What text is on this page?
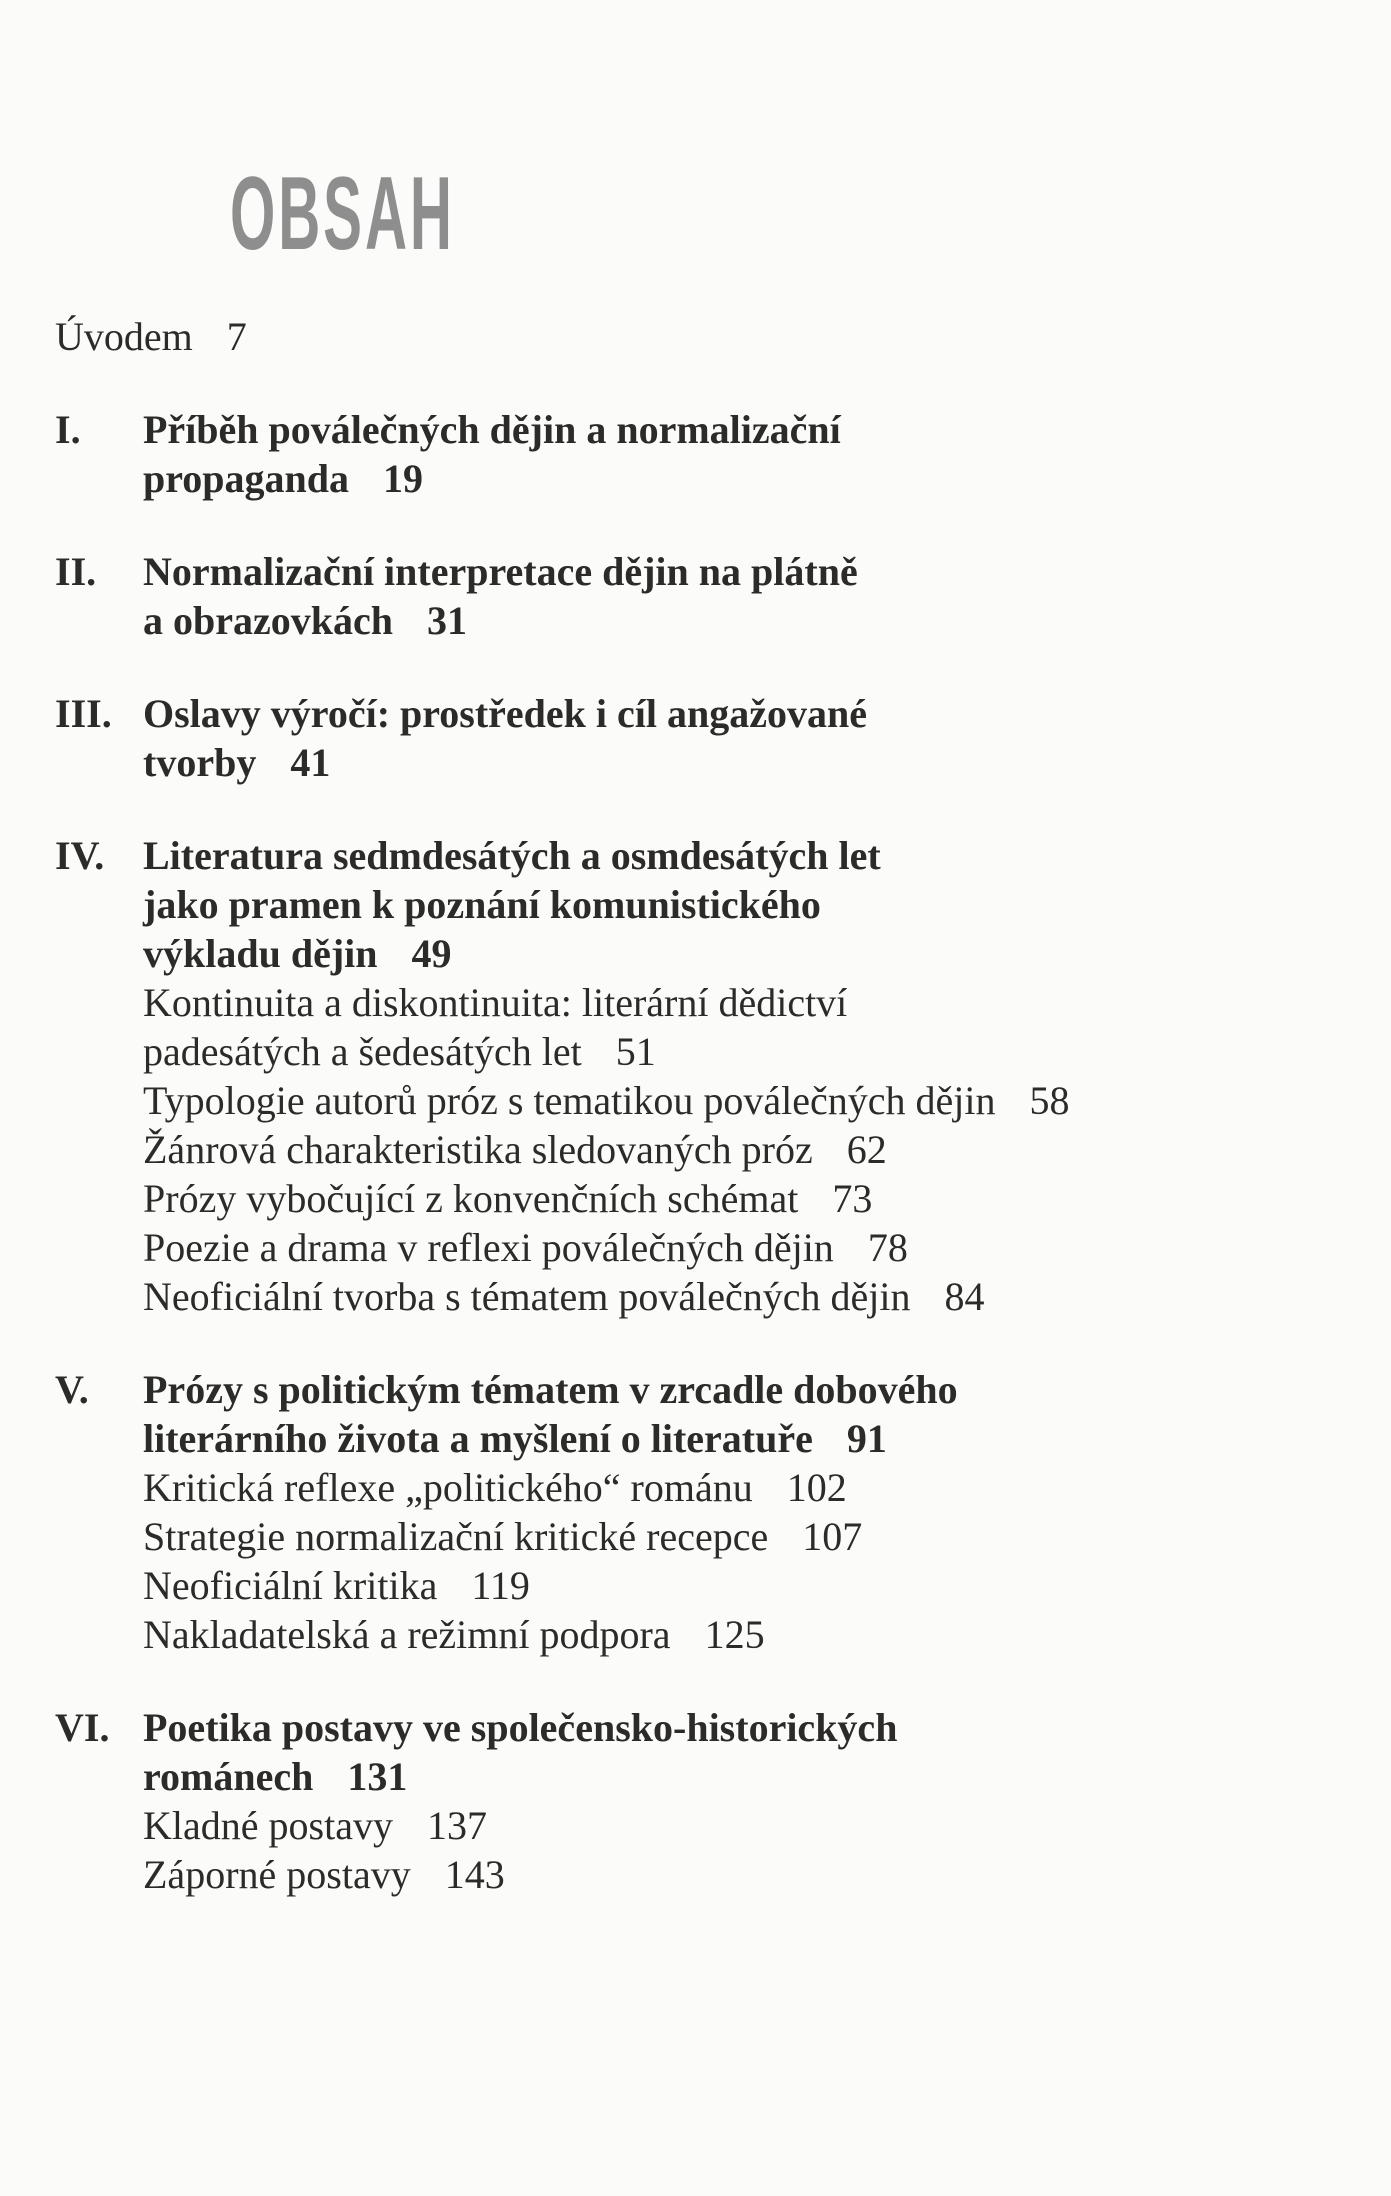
OBSAH
Úvodem 7
I.	Příběh poválečných dějin a normalizační
propaganda 19
II.	Normalizační interpretace dějin na plátně
a obrazovkách 31
III. Oslavy výročí: prostředek i cíl angažované
tvorby 41
IV. Literatura sedmdesátých a osmdesátých let
jako pramen k poznání komunistického
výkladu dějin 49
Kontinuita a diskontinuita: literární dědictví
padesátých a šedesátých let 51
Typologie autorů próz s tematikou poválečných dějin 58
Žánrová charakteristika sledovaných próz 62
Prózy vybočující z konvenčních schémat 73
Poezie a drama v reflexi poválečných dějin 78
Neoficiální tvorba s tématem poválečných dějin 84
V.	Prózy s politickým tématem v zrcadle dobového
literárního života a myšlení o literatuře 91
Kritická reflexe „politického“ románu 102
Strategie normalizační kritické recepce 107
Neoficiální kritika 119
Nakladatelská a režimní podpora 125
VI. Poetika postavy ve společensko-historických
románech 131
Kladné postavy 137
Záporné postavy 143
